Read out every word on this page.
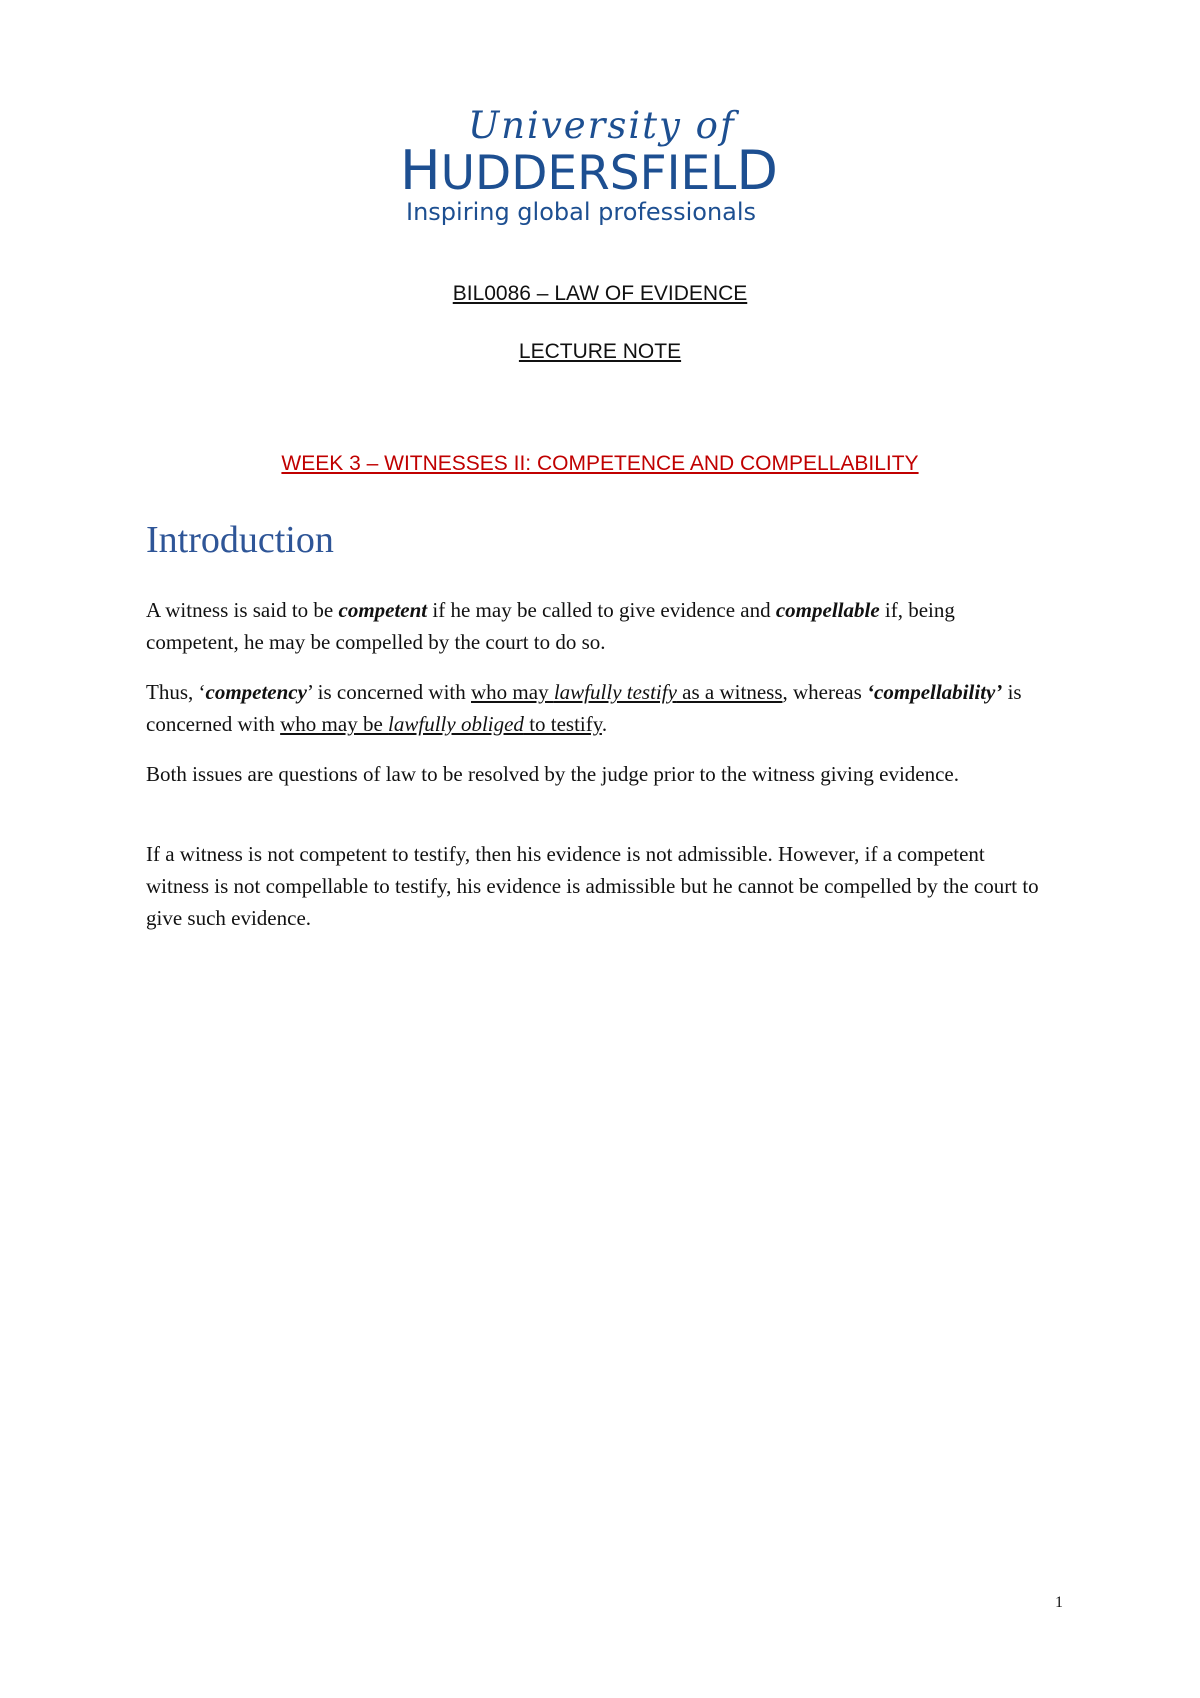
University of
HUDDERSFIELD
Inspiring global professionals
BIL0086 – LAW OF EVIDENCE
LECTURE NOTE
WEEK 3 – WITNESSES II: COMPETENCE AND COMPELLABILITY
Introduction

A witness is said to be competent if he may be called to give evidence and compellable if, being competent, he may be compelled by the court to do so.

Thus, ‘competency’ is concerned with who may lawfully testify as a witness, whereas ‘compellability’ is concerned with who may be lawfully obliged to testify.

Both issues are questions of law to be resolved by the judge prior to the witness giving evidence.

If a witness is not competent to testify, then his evidence is not admissible. However, if a competent witness is not compellable to testify, his evidence is admissible but he cannot be compelled by the court to give such evidence.

1
